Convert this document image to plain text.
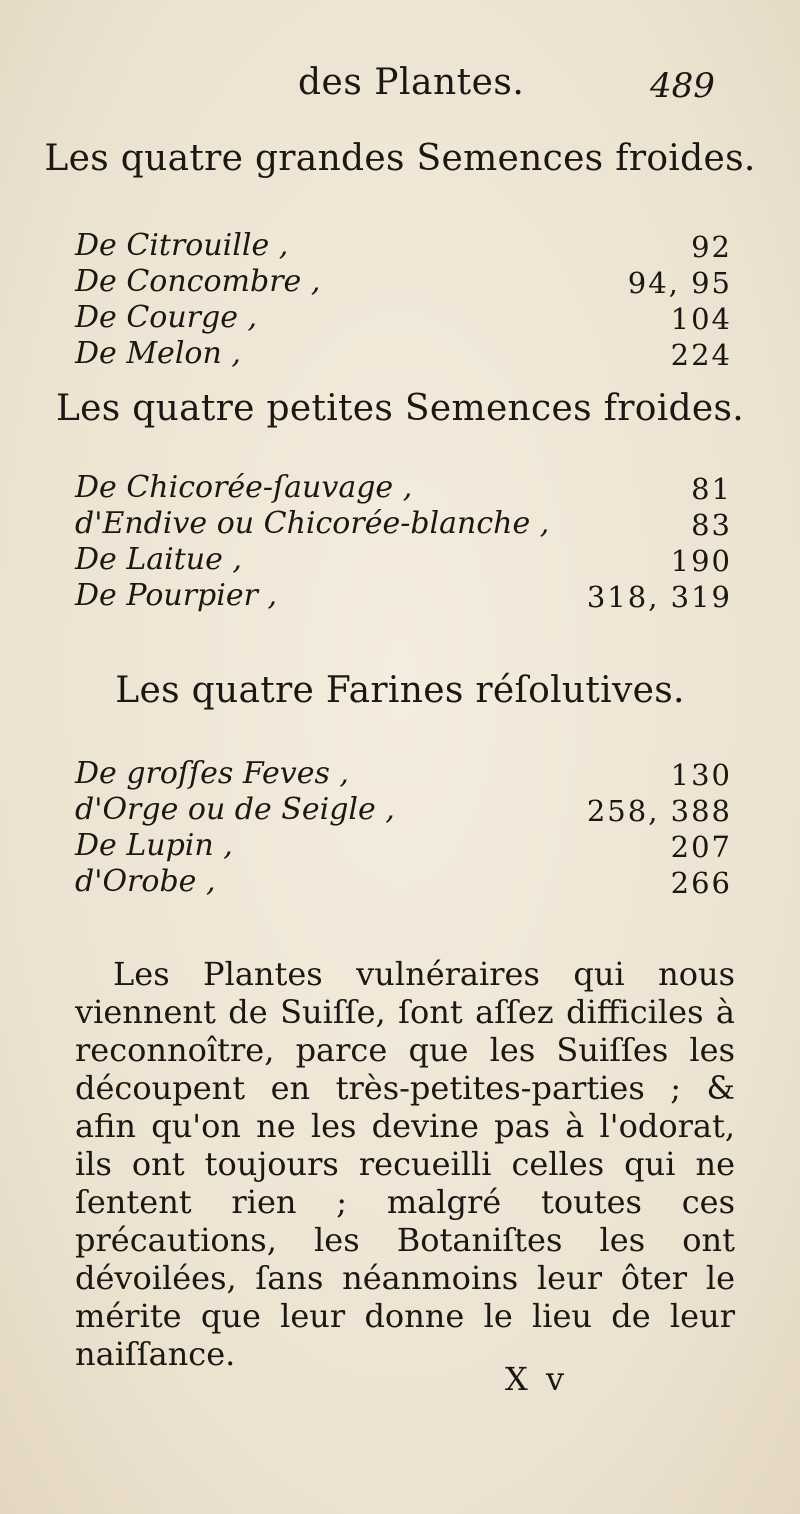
des Plantes.	489
Les quatre grandes Semences froides.
De Citrouille ,	92
De Concombre ,	94, 95
De Courge ,	104
De Melon ,	224
Les quatre petites Semences froides.
De Chicorée-ſauvage ,	81
d'Endive ou Chicorée-blanche ,	83
De Laitue ,	190
De Pourpier ,	318, 319
Les quatre Farines réſolutives.
De groſſes Feves ,	130
d'Orge ou de Seigle ,	258, 388
De Lupin ,	207
d'Orobe ,	266

Les Plantes vulnéraires qui nous viennent de Suiſſe, ſont aſſez difficiles à reconnoître, parce que les Suiſſes les découpent en très-petites-parties ; & afin qu'on ne les devine pas à l'odorat, ils ont toujours recueilli celles qui ne ſentent rien ; malgré toutes ces précautions, les Botaniſtes les ont dévoilées, ſans néanmoins leur ôter le mérite que leur donne le lieu de leur naiſſance.

X v
